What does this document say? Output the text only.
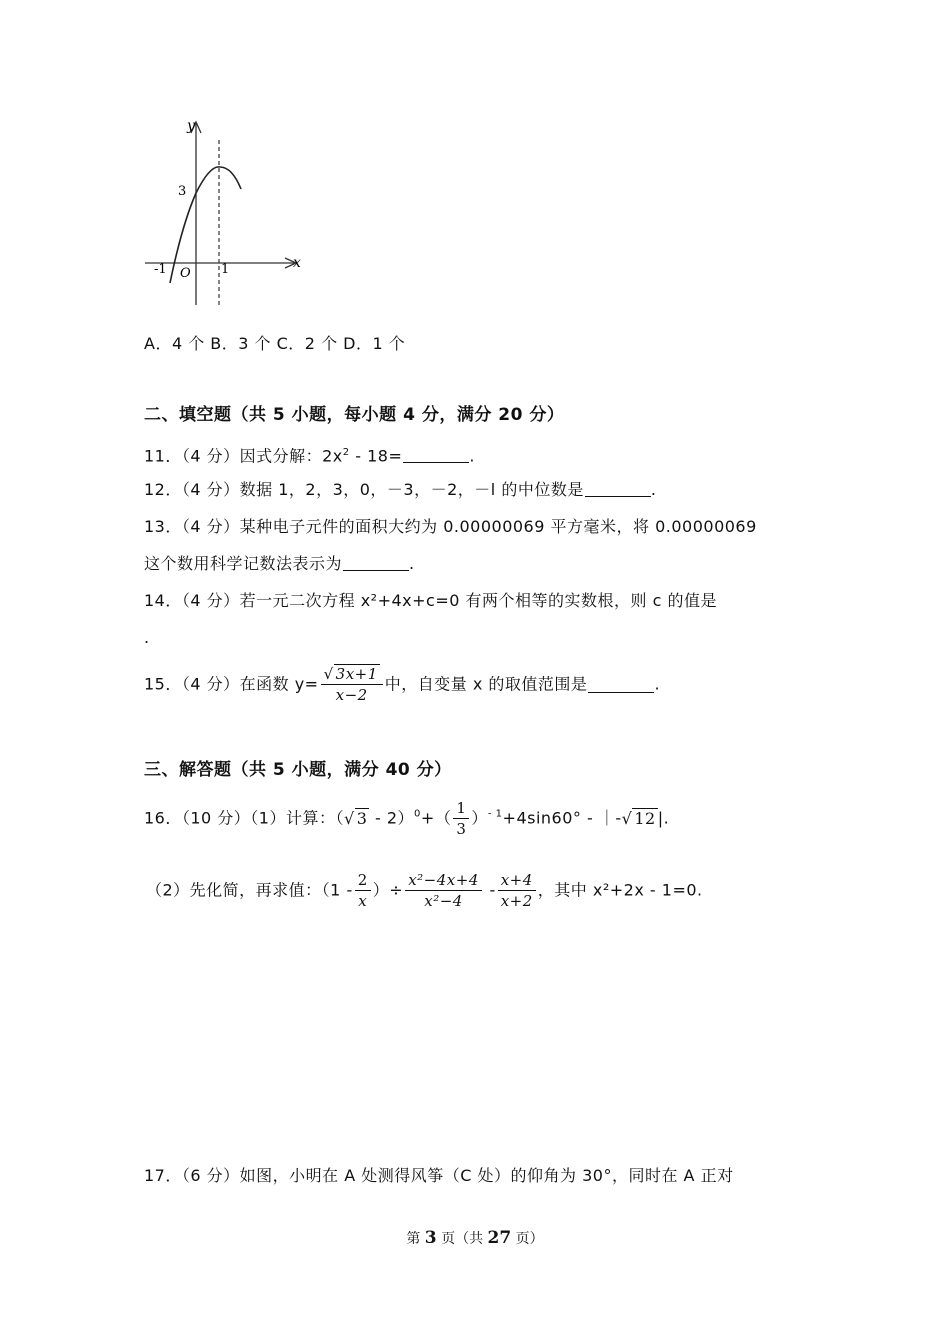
y
x
3
-1 O 1
A．4 个 B．3 个 C．2 个 D．1 个
二、填空题（共 5 小题，每小题 4 分，满分 20 分）
11．（4 分）因式分解：$2x^2 - 18=$	.
12．（4 分）数据 1，2，3，0，－3，－2，－l 的中位数是	.
13．（4 分）某种电子元件的面积大约为 0.00000069 平方毫米，将 0.00000069
这个数用科学记数法表示为	.
14．（4 分）若一元二次方程 x²+4x+c=0 有两个相等的实数根，则 c 的值是
.
15．（4 分）在函数 $y= \frac{√ 3x+1}{x-2}$ 中，自变量 x 的取值范围是	.
三、解答题（共 5 小题，满分 40 分）
16．（10 分）（1）计算：（√ $3 - 2)^0+( \frac{1}{3} )^{- 1}+4\sin 60^\circ$ - ｜-√ 12 |.
（2）先化简，再求值：（$1 - \frac{2}{x}$ ）÷ $\frac{\text{x²−4x+4}}{\text{x²−4}} - \frac{x+4}{x+2}$ ，其中 x²+2x - 1=0.
17．（6 分）如图，小明在 A 处测得风筝（C 处）的仰角为 30°，同时在 A 正对
第 3 页（共 27 页）
